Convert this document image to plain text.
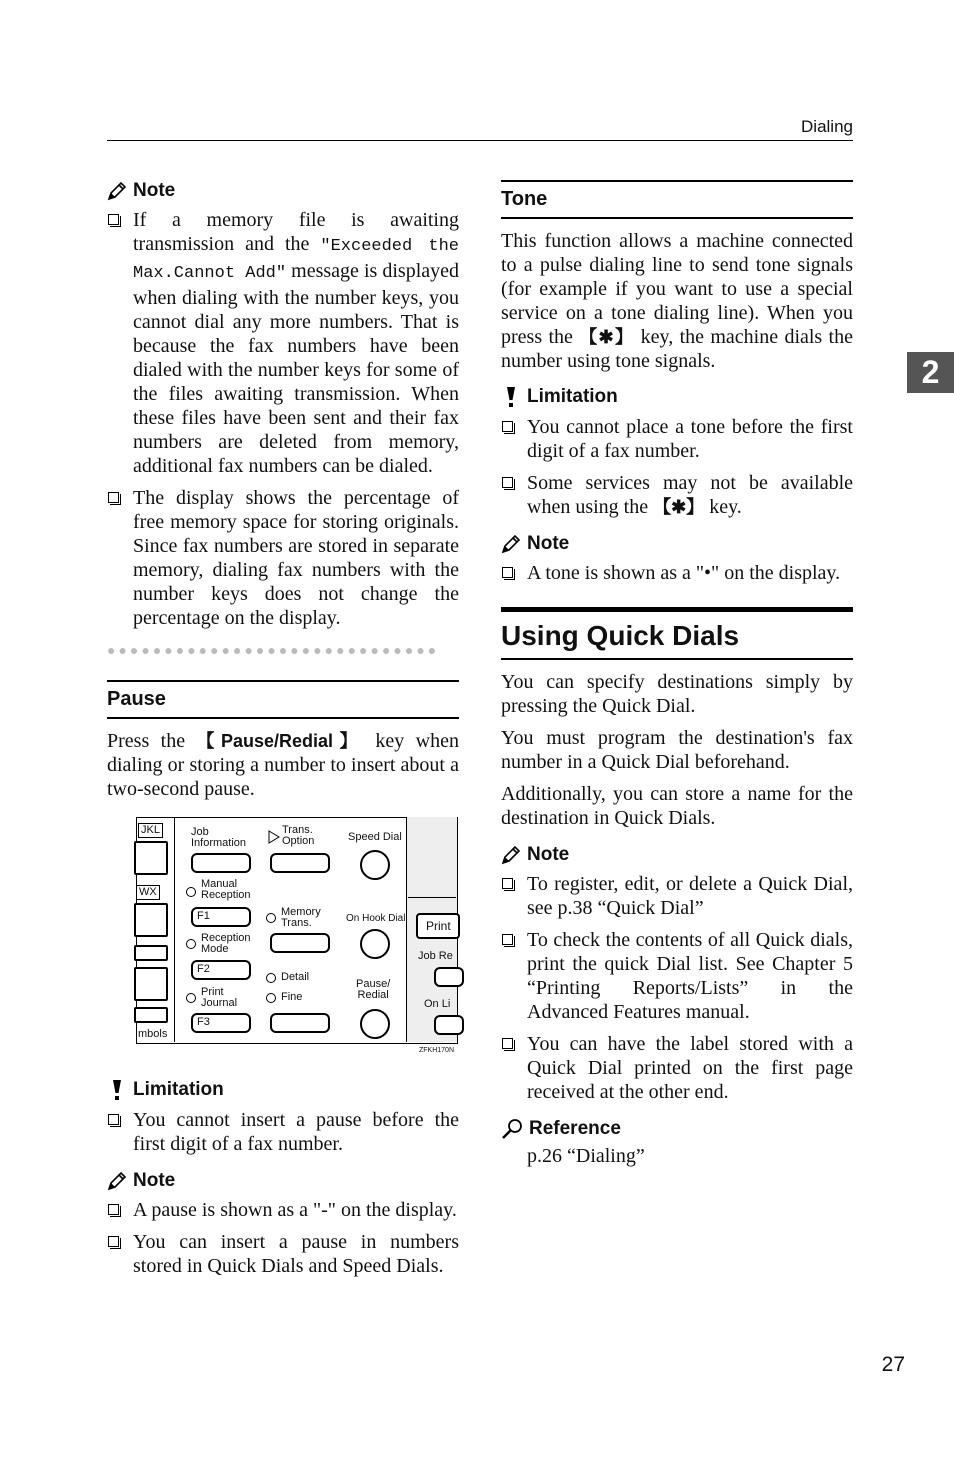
Dialing
2
Note
If a memory file is awaiting transmission and the "Exceeded the Max.Cannot Add" message is displayed when dialing with the number keys, you cannot dial any more numbers. That is because the fax numbers have been dialed with the number keys for some of the files awaiting transmission. When these files have been sent and their fax numbers are deleted from memory, additional fax numbers can be dialed.
The display shows the percentage of free memory space for storing originals. Since fax numbers are stored in separate memory, dialing fax numbers with the number keys does not change the percentage on the display.
●●●●●●●●●●●●●●●●●●●●●●●●●●●●●
Pause

Press the 【Pause/Redial】 key when dialing or storing a number to insert about a two-second pause.

JKL
WX
mbols
Job
Information
Trans.
Option	Speed Dial
Manual
Reception
F1	Memory
Trans.	On Hook Dial
Reception
Mode
F2
Detail
Fine
Print
Journal
F3
Pause/
Redial
Print
Job Re
On Li
ZFKH170N
Limitation
You cannot insert a pause before the first digit of a fax number.
Note
A pause is shown as a "-" on the display.
You can insert a pause in numbers stored in Quick Dials and Speed Dials.
Tone

This function allows a machine connected to a pulse dialing line to send tone signals (for example if you want to use a special service on a tone dialing line). When you press the 【✱】 key, the machine dials the number using tone signals.

Limitation
You cannot place a tone before the first digit of a fax number.
Some services may not be available when using the 【✱】 key.
Note
A tone is shown as a "•" on the display.
Using Quick Dials

You can specify destinations simply by pressing the Quick Dial.

You must program the destination's fax number in a Quick Dial beforehand.

Additionally, you can store a name for the destination in Quick Dials.

Note
To register, edit, or delete a Quick Dial, see p.38 “Quick Dial”
To check the contents of all Quick dials, print the quick Dial list. See Chapter 5 “Printing Reports/Lists” in the Advanced Features manual.
You can have the label stored with a Quick Dial printed on the first page received at the other end.
Reference

p.26 “Dialing”

27
